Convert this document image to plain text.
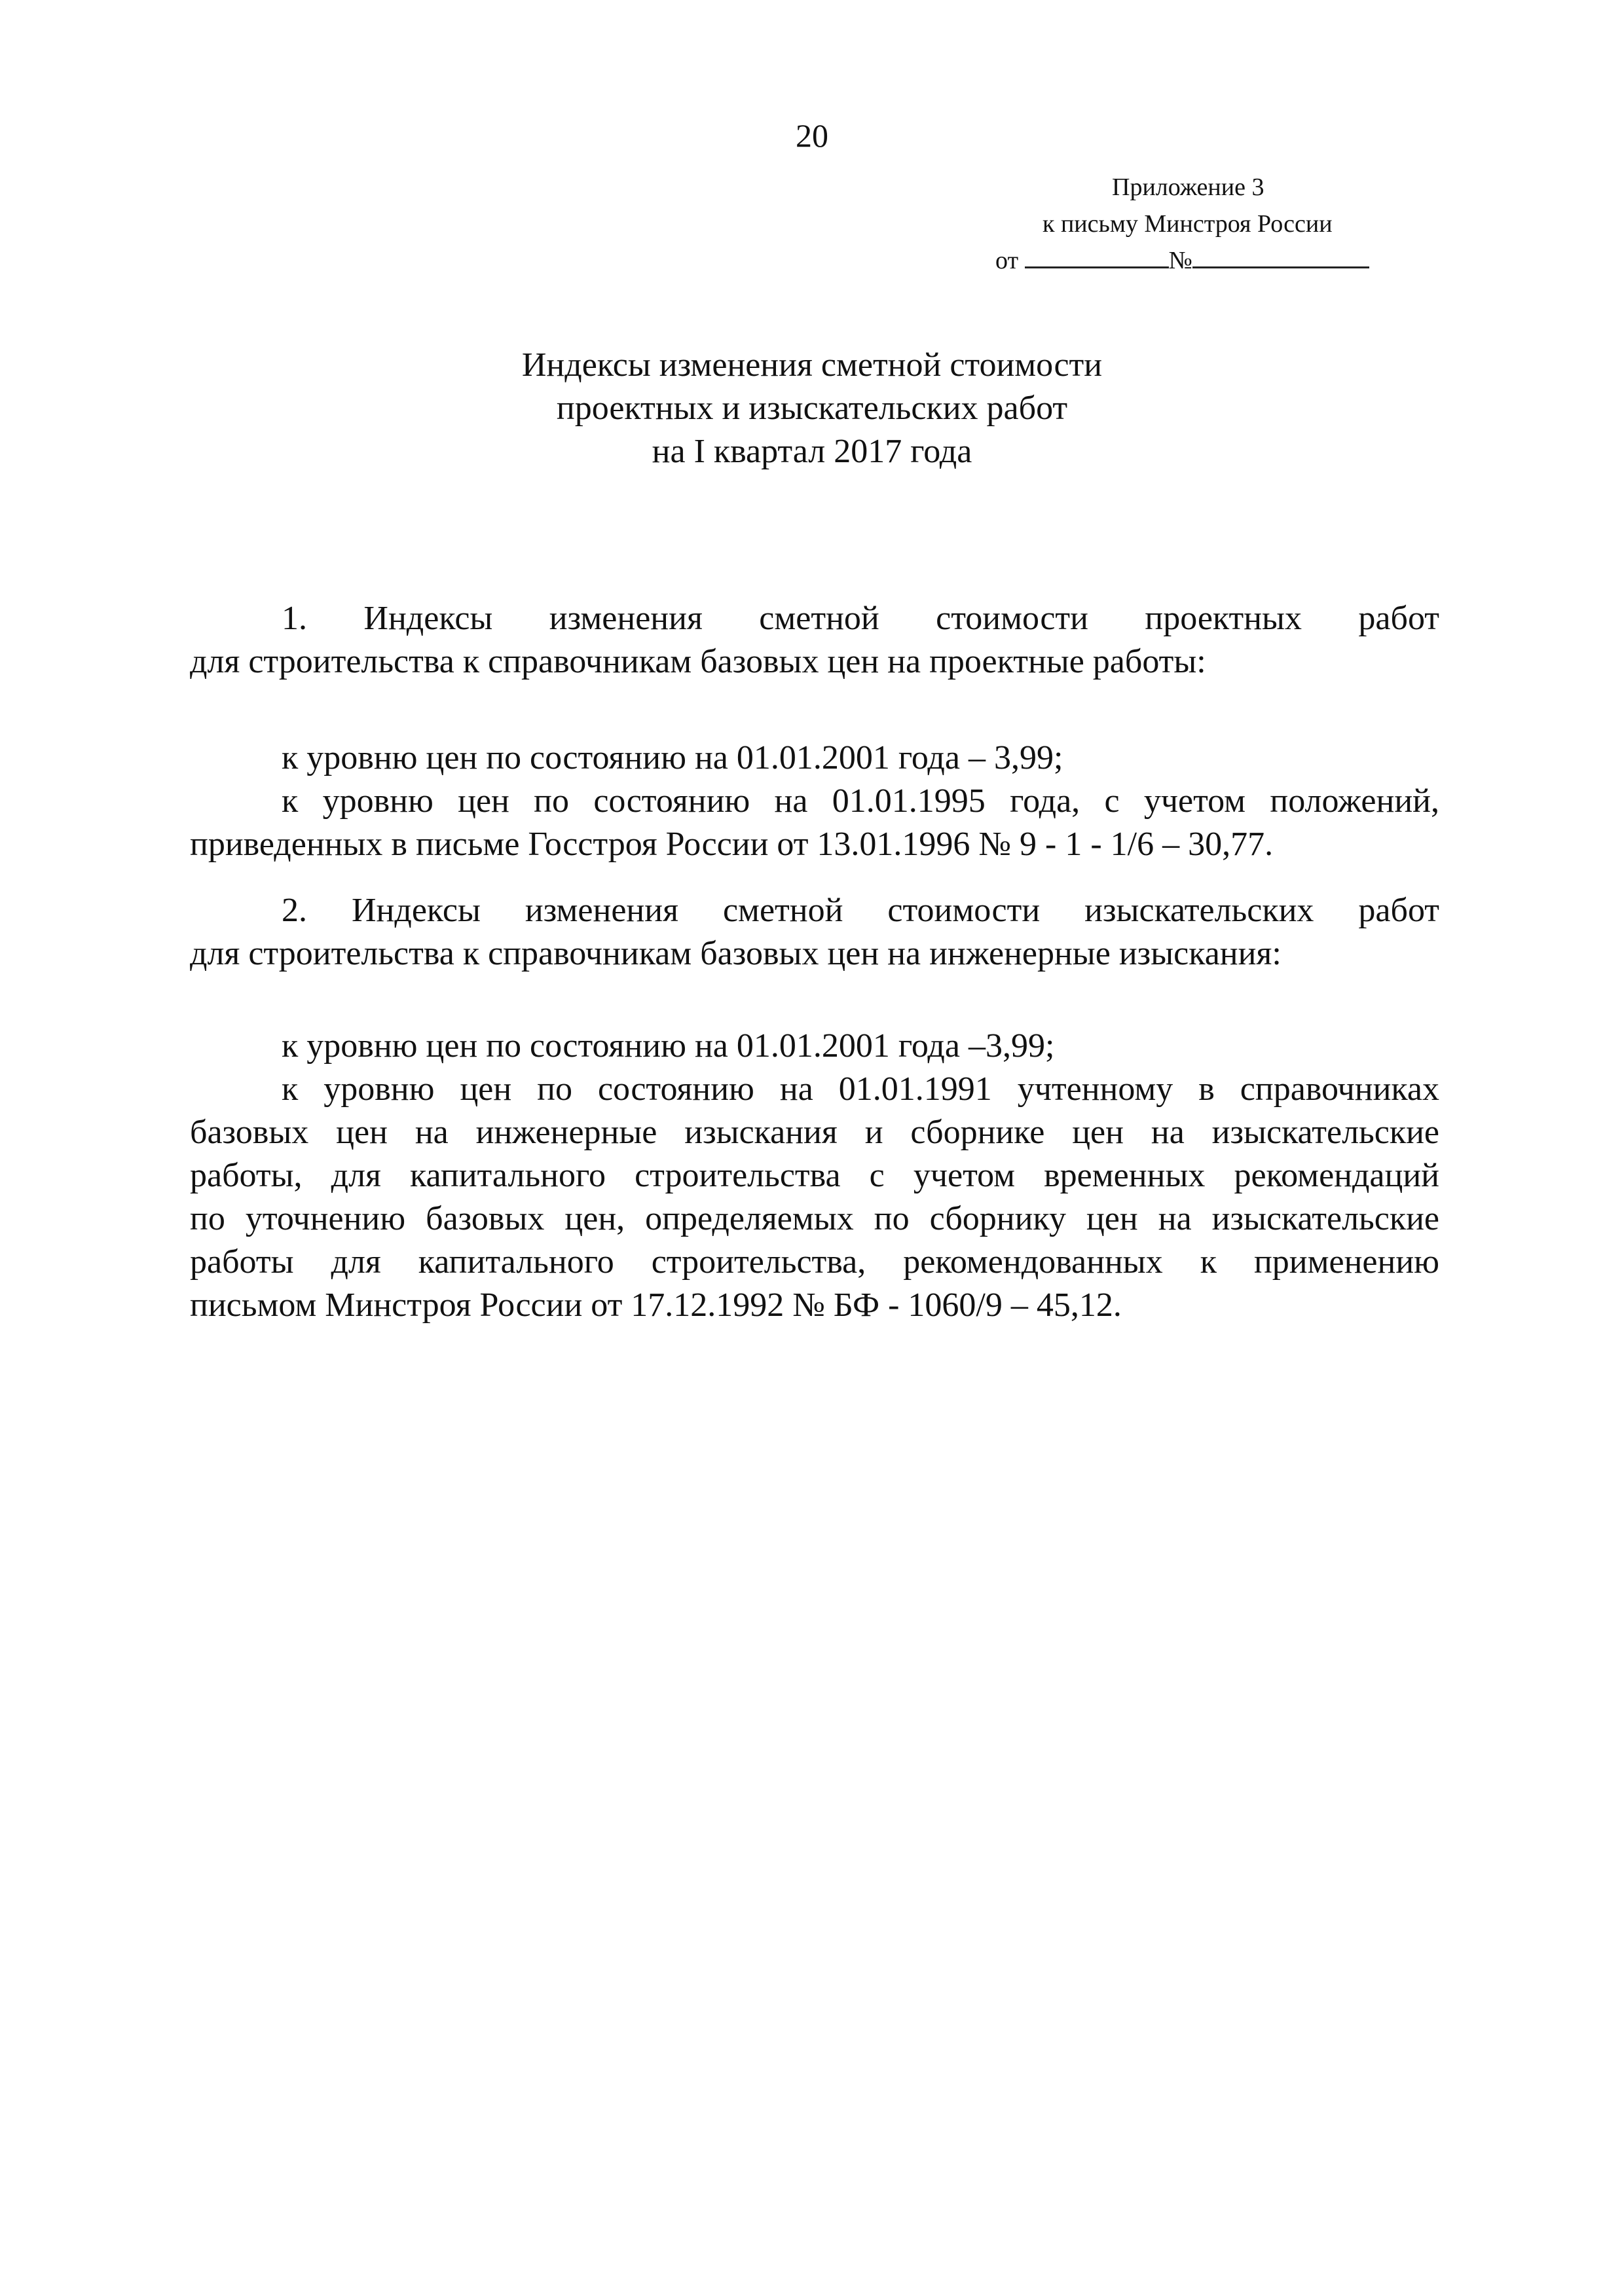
20
Приложение 3
к письму Минстроя России
от	№
Индексы изменения сметной стоимости
проектных и изыскательских работ
на I квартал 2017 года
1. Индексы изменения сметной стоимости проектных работ
для строительства к справочникам базовых цен на проектные работы:
к уровню цен по состоянию на 01.01.2001 года – 3,99;
к уровню цен по состоянию на 01.01.1995 года, с учетом положений,
приведенных в письме Госстроя России от 13.01.1996 № 9 - 1 - 1/6 – 30,77.
2. Индексы изменения сметной стоимости изыскательских работ
для строительства к справочникам базовых цен на инженерные изыскания:
к уровню цен по состоянию на 01.01.2001 года –3,99;
к уровню цен по состоянию на 01.01.1991 учтенному в справочниках
базовых цен на инженерные изыскания и сборнике цен на изыскательские
работы, для капитального строительства с учетом временных рекомендаций
по уточнению базовых цен, определяемых по сборнику цен на изыскательские
работы для капитального строительства, рекомендованных к применению
письмом Минстроя России от 17.12.1992 № БФ - 1060/9 – 45,12.
